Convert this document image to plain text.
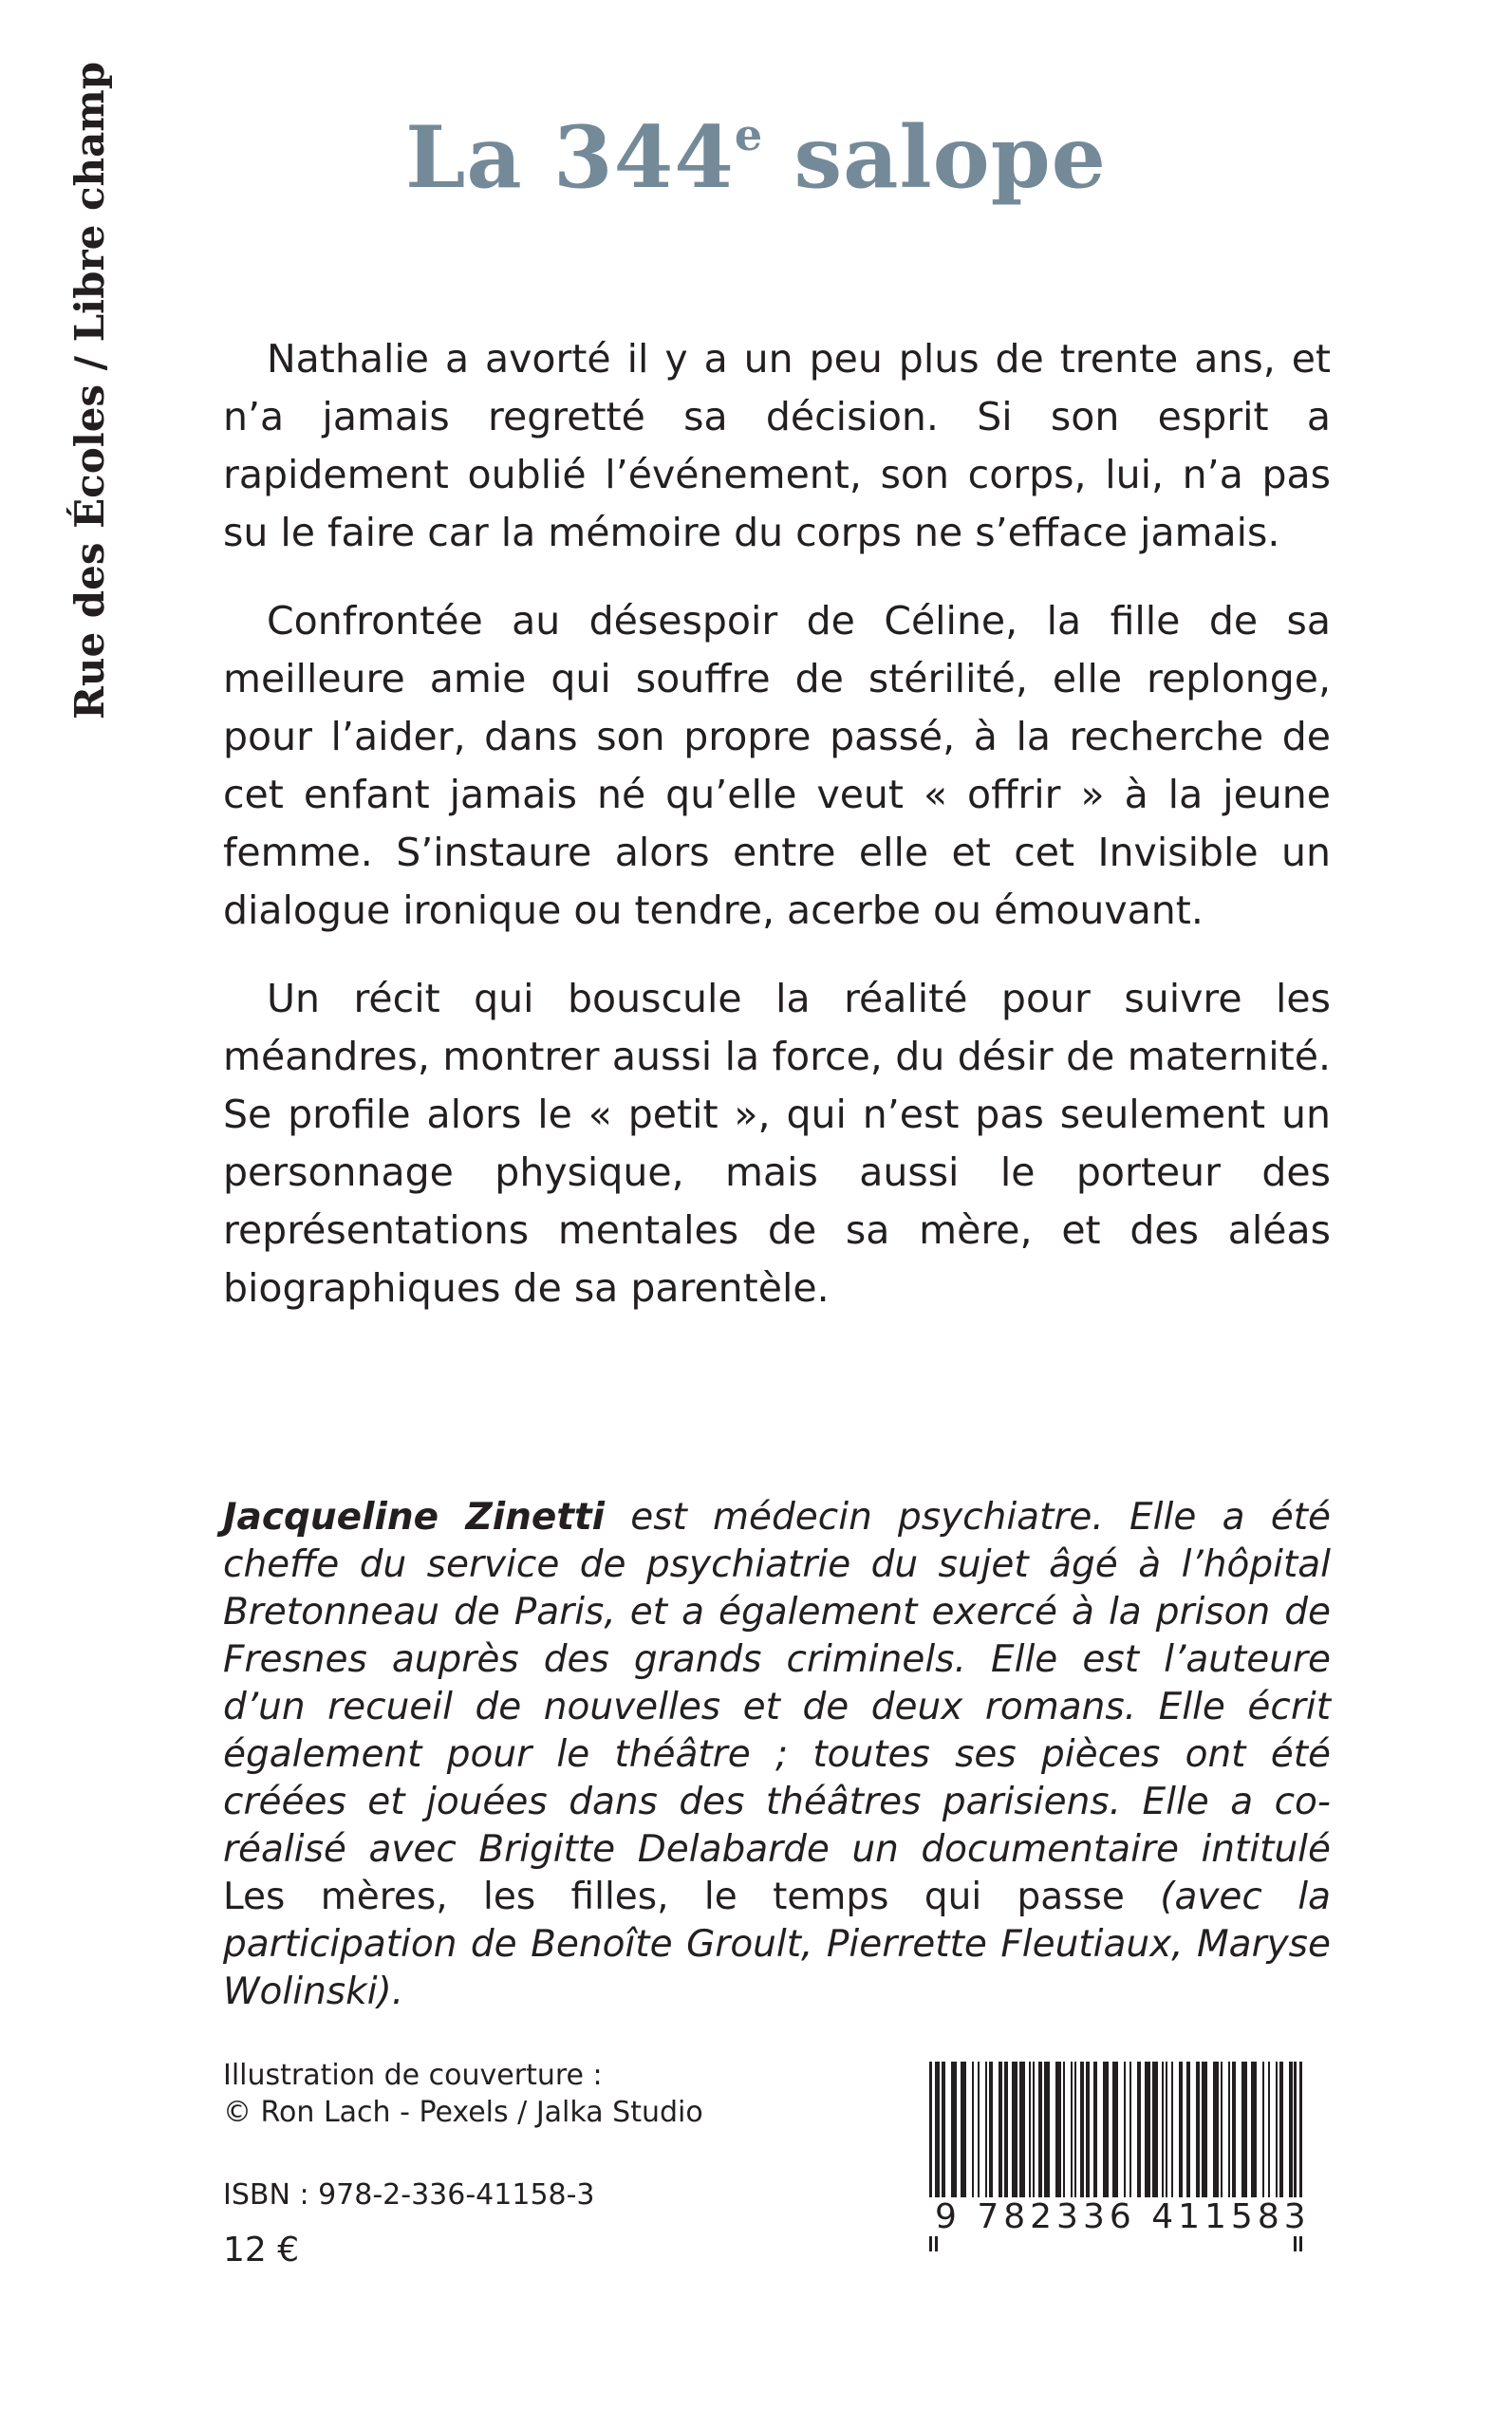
Rue des Écoles / Libre champ	La 344e salope

Nathalie a avorté il y a un peu plus de trente ans, et n’a jamais regretté sa décision. Si son esprit a rapidement oublié l’événement, son corps, lui, n’a pas su le faire car la mémoire du corps ne s’efface jamais.

Confrontée au désespoir de Céline, la fille de sa meilleure amie qui souffre de stérilité, elle replonge, pour l’aider, dans son propre passé, à la recherche de cet enfant jamais né qu’elle veut « offrir » à la jeune femme. S’instaure alors entre elle et cet Invisible un dialogue ironique ou tendre, acerbe ou émouvant.

Un récit qui bouscule la réalité pour suivre les méandres, montrer aussi la force, du désir de maternité. Se profile alors le « petit », qui n’est pas seulement un personnage physique, mais aussi le porteur des représentations mentales de sa mère, et des aléas biographiques de sa parentèle.

Jacqueline Zinetti est médecin psychiatre. Elle a été cheffe du service de psychiatrie du sujet âgé à l’hôpital Bretonneau de Paris, et a également exercé à la prison de Fresnes auprès des grands criminels. Elle est l’auteure d’un recueil de nouvelles et de deux romans. Elle écrit également pour le théâtre ; toutes ses pièces ont été créées et jouées dans des théâtres parisiens. Elle a co-réalisé avec Brigitte Delabarde un documentaire intitulé Les mères, les filles, le temps qui passe (avec la participation de Benoîte Groult, Pierrette Fleutiaux, Maryse Wolinski).
Illustration de couverture :
© Ron Lach - Pexels / Jalka Studio
ISBN : 978-2-336-41158-3
12 €
9 782336 411583
